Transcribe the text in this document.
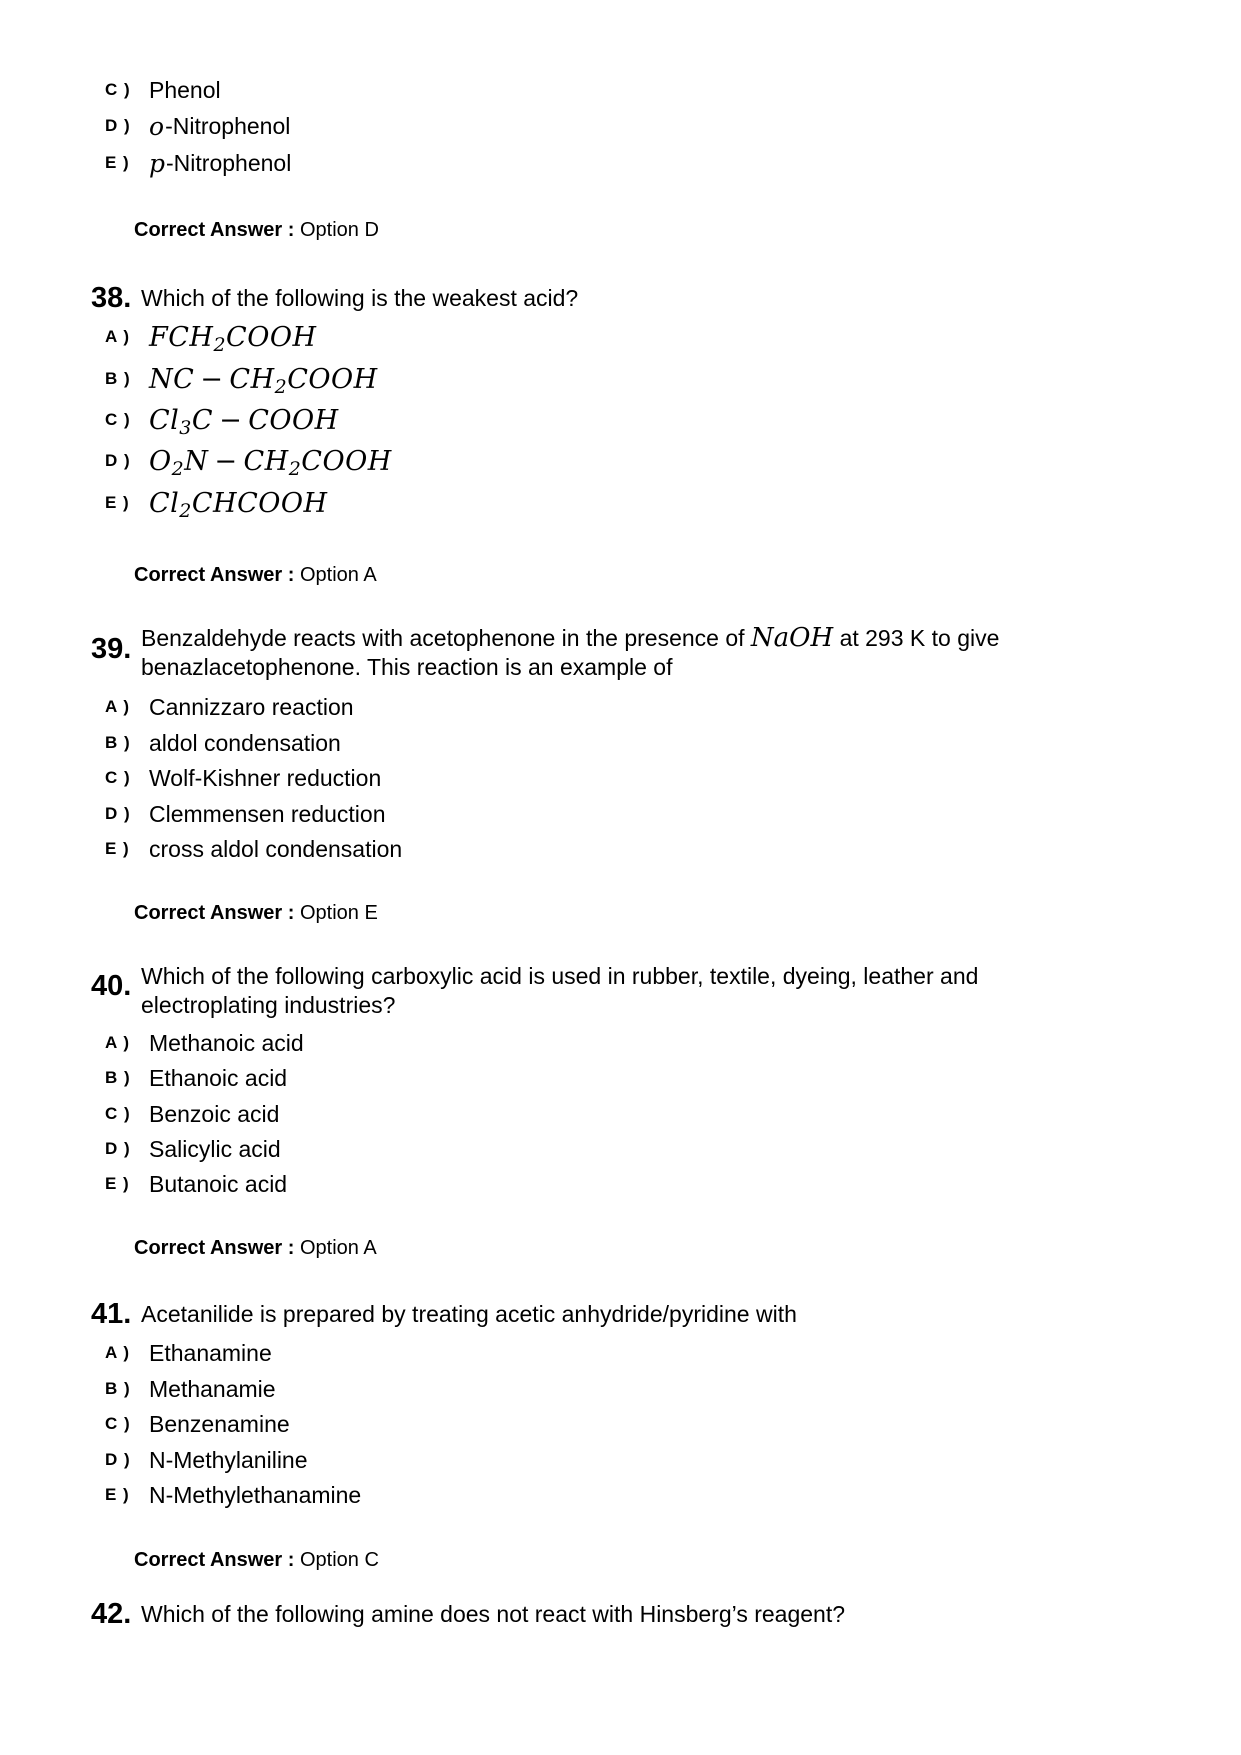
C ) Phenol
D ) o -Nitrophenol
E ) p -Nitrophenol
Correct Answer : Option D
38. Which of the following is the weakest acid?
A ) $FCH_2COOH$
B ) NC − $CH_2COOH$
C ) $Cl_3C$ − COOH
D ) $O_2N$ − $CH_2COOH$
E ) $Cl_2CHCOOH$
Correct Answer : Option A
39. Benzaldehyde reacts with acetophenone in the presence of NaOH at 293 K to give
benazlacetophenone. This reaction is an example of
A ) Cannizzaro reaction
B ) aldol condensation
C ) Wolf-Kishner reduction
D ) Clemmensen reduction
E ) cross aldol condensation
Correct Answer : Option E
40. Which of the following carboxylic acid is used in rubber, textile, dyeing, leather and
electroplating industries?
A ) Methanoic acid
B ) Ethanoic acid
C ) Benzoic acid
D ) Salicylic acid
E ) Butanoic acid
Correct Answer : Option A
41. Acetanilide is prepared by treating acetic anhydride/pyridine with
A ) Ethanamine
B ) Methanamie
C ) Benzenamine
D ) N-Methylaniline
E ) N-Methylethanamine
Correct Answer : Option C
42. Which of the following amine does not react with Hinsberg’s reagent?
